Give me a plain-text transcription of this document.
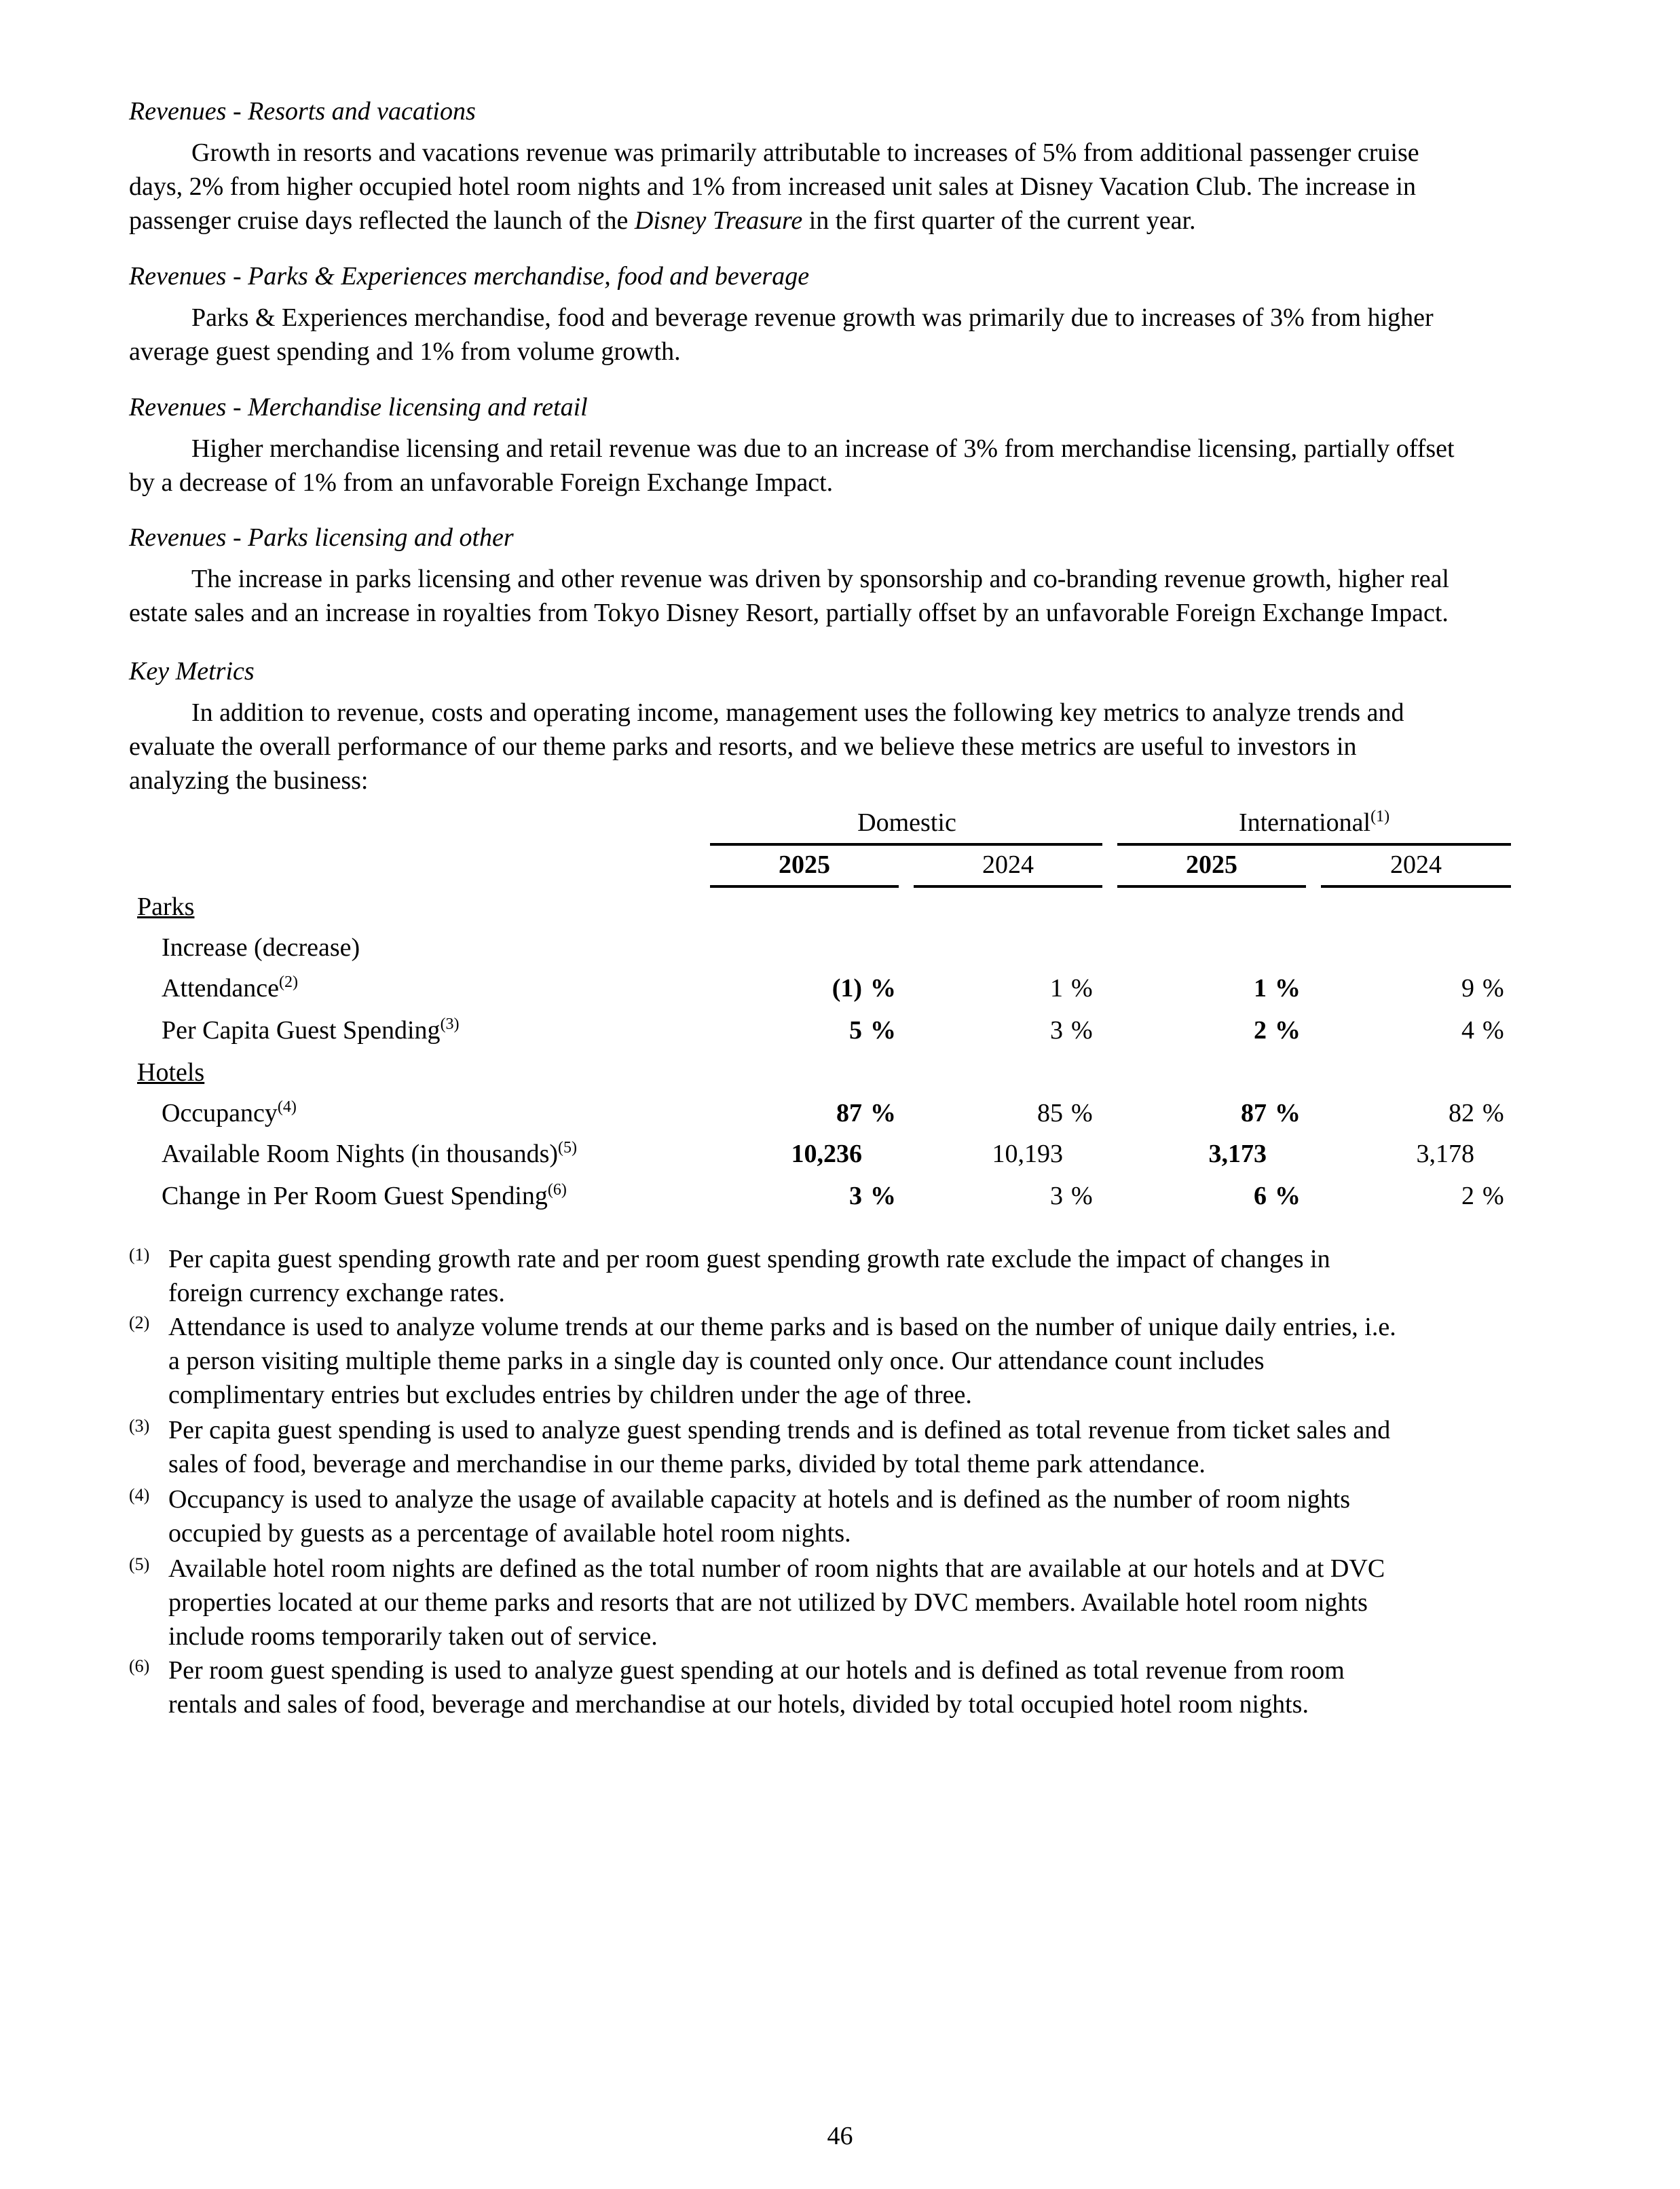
Revenues - Resorts and vacations
Growth in resorts and vacations revenue was primarily attributable to increases of 5% from additional passenger cruise
days, 2% from higher occupied hotel room nights and 1% from increased unit sales at Disney Vacation Club. The increase in
passenger cruise days reflected the launch of the Disney Treasure in the first quarter of the current year.
Revenues - Parks & Experiences merchandise, food and beverage
Parks & Experiences merchandise, food and beverage revenue growth was primarily due to increases of 3% from higher
average guest spending and 1% from volume growth.
Revenues - Merchandise licensing and retail
Higher merchandise licensing and retail revenue was due to an increase of 3% from merchandise licensing, partially offset
by a decrease of 1% from an unfavorable Foreign Exchange Impact.
Revenues - Parks licensing and other
The increase in parks licensing and other revenue was driven by sponsorship and co-branding revenue growth, higher real
estate sales and an increase in royalties from Tokyo Disney Resort, partially offset by an unfavorable Foreign Exchange Impact.
Key Metrics
In addition to revenue, costs and operating income, management uses the following key metrics to analyze trends and
evaluate the overall performance of our theme parks and resorts, and we believe these metrics are useful to investors in
analyzing the business:
Domestic	International$^{(1)}$
2025	2024	2025	2024
Parks
Increase (decrease)
Attendance$^{(2)}$	(1) %	1 %	1 %	9 %
Per Capita Guest Spending$^{(3)}$	5 %	3 %	2 %	4 %
Hotels
Occupancy$^{(4)}$	87 %	85 %	87 %	82 %
Available Room Nights (in thousands)$^{(5)}$	10,236	10,193	3,173	3,178
Change in Per Room Guest Spending$^{(6)}$	3 %	3 %	6 %	2 %
(1) Per capita guest spending growth rate and per room guest spending growth rate exclude the impact of changes in
foreign currency exchange rates.
(2) Attendance is used to analyze volume trends at our theme parks and is based on the number of unique daily entries, i.e.
a person visiting multiple theme parks in a single day is counted only once. Our attendance count includes
complimentary entries but excludes entries by children under the age of three.
(3) Per capita guest spending is used to analyze guest spending trends and is defined as total revenue from ticket sales and
sales of food, beverage and merchandise in our theme parks, divided by total theme park attendance.
(4) Occupancy is used to analyze the usage of available capacity at hotels and is defined as the number of room nights
occupied by guests as a percentage of available hotel room nights.
(5) Available hotel room nights are defined as the total number of room nights that are available at our hotels and at DVC
properties located at our theme parks and resorts that are not utilized by DVC members. Available hotel room nights
include rooms temporarily taken out of service.
(6) Per room guest spending is used to analyze guest spending at our hotels and is defined as total revenue from room
rentals and sales of food, beverage and merchandise at our hotels, divided by total occupied hotel room nights.
46
